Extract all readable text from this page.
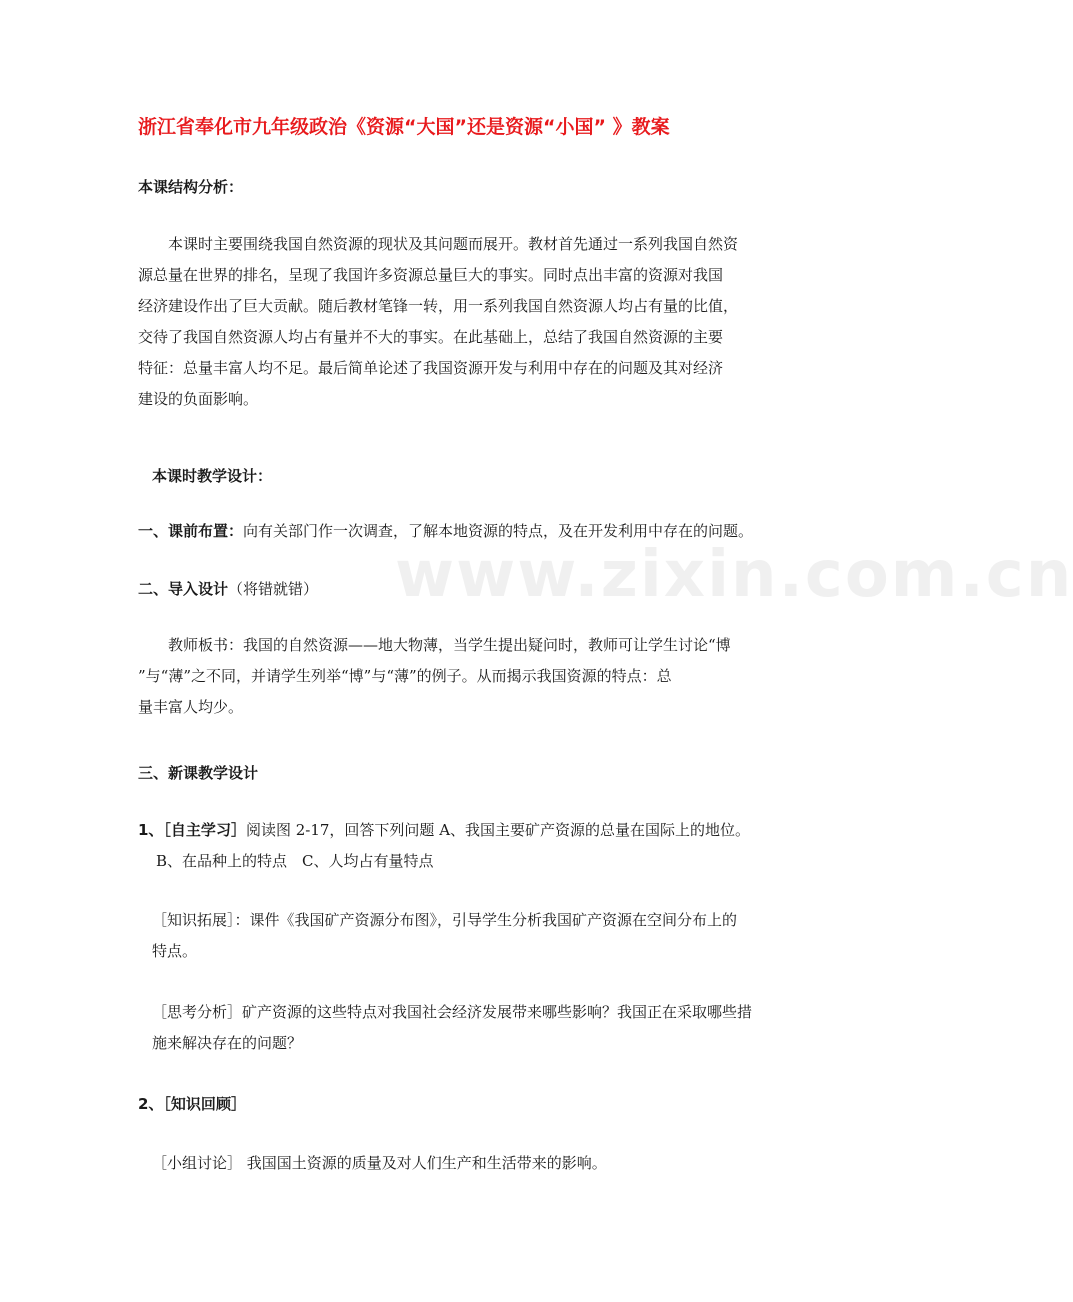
www.zixin.com.cn
浙江省奉化市九年级政治《资源“大国”还是资源“小国” 》教案
本课结构分析：
本课时主要围绕我国自然资源的现状及其问题而展开。教材首先通过一系列我国自然资
源总量在世界的排名，呈现了我国许多资源总量巨大的事实。同时点出丰富的资源对我国
经济建设作出了巨大贡献。随后教材笔锋一转，用一系列我国自然资源人均占有量的比值，
交待了我国自然资源人均占有量并不大的事实。在此基础上，总结了我国自然资源的主要
特征：总量丰富人均不足。最后简单论述了我国资源开发与利用中存在的问题及其对经济
建设的负面影响。
本课时教学设计：
一、课前布置：向有关部门作一次调查，了解本地资源的特点，及在开发利用中存在的问题。
二、导入设计（将错就错）
教师板书：我国的自然资源——地大物薄，当学生提出疑问时，教师可让学生讨论“博
”与“薄”之不同，并请学生列举“博”与“薄”的例子。从而揭示我国资源的特点：总
量丰富人均少。
三、新课教学设计
1、［自主学习］阅读图 2-17，回答下列问题 A、我国主要矿产资源的总量在国际上的地位。
B、在品种上的特点　C、人均占有量特点
［知识拓展］：课件《我国矿产资源分布图》，引导学生分析我国矿产资源在空间分布上的
特点。
［思考分析］矿产资源的这些特点对我国社会经济发展带来哪些影响？我国正在采取哪些措
施来解决存在的问题？
2、［知识回顾］
［小组讨论］ 我国国土资源的质量及对人们生产和生活带来的影响。
